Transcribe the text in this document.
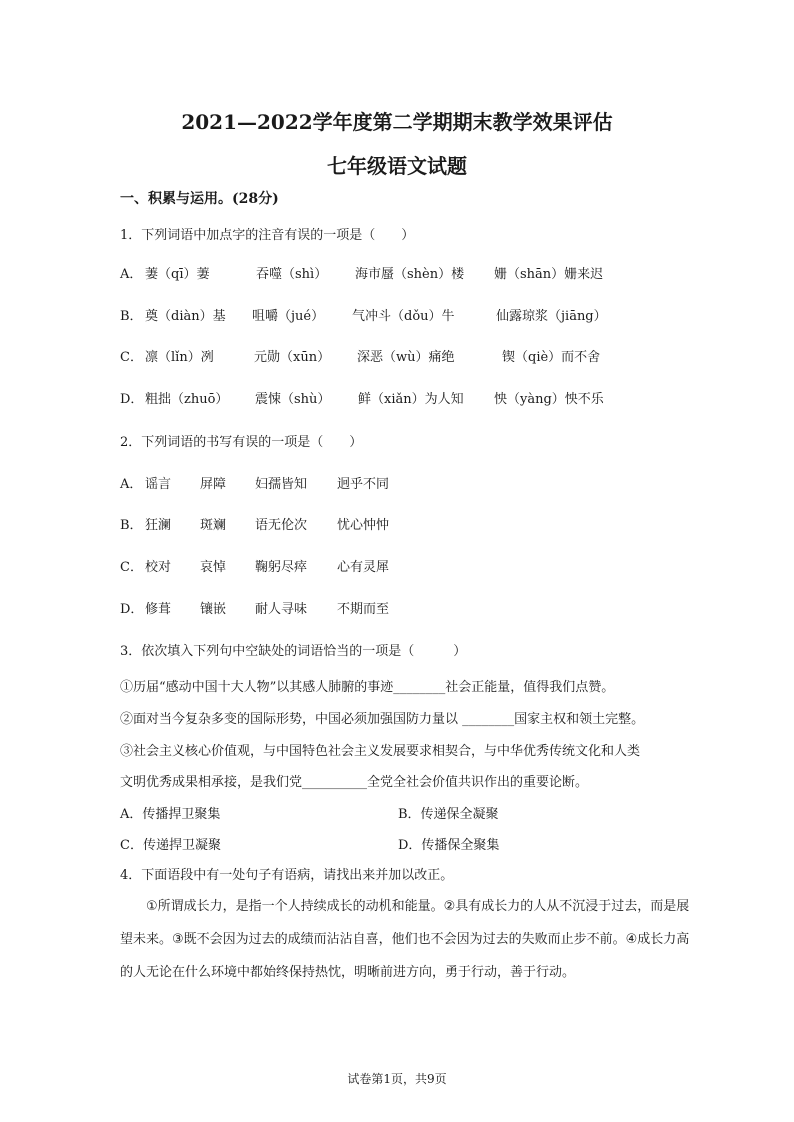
2021—2022学年度第二学期期末教学效果评估
七年级语文试题
一、积累与运用。(28分)
1．下列词语中加点字的注音有误的一项是（　　）
A． 萋（qī）萋	吞噬（shì） 海市蜃（shèn）楼 姗（shān）姗来迟
B． 奠（diàn）基 咀嚼（jué） 气冲斗（dǒu）牛	仙露琼浆（jiāng）
C． 凛（lǐn）冽	元勋（xūn） 深恶（wù）痛绝	锲（qiè）而不舍
D． 粗拙（zhuō） 震悚（shù） 鲜（xiǎn）为人知 怏（yàng）怏不乐
2．下列词语的书写有误的一项是（　　）
A． 谣言 屏障 妇孺皆知 迥乎不同
B． 狂澜 斑斓 语无伦次 忧心忡忡
C． 校对 哀悼 鞠躬尽瘁 心有灵犀
D． 修葺 镶嵌 耐人寻味 不期而至
3．依次填入下列句中空缺处的词语恰当的一项是（　　　）
①历届“感动中国十大人物”以其感人肺腑的事迹________社会正能量，值得我们点赞。
②面对当今复杂多变的国际形势，中国必须加强国防力量以 ________国家主权和领土完整。
③社会主义核心价值观，与中国特色社会主义发展要求相契合，与中华优秀传统文化和人类
文明优秀成果相承接，是我们党__________全党全社会价值共识作出的重要论断。
A．传播捍卫聚集	B．传递保全凝聚
C．传递捍卫凝聚	D．传播保全聚集
4．下面语段中有一处句子有语病，请找出来并加以改正。
①所谓成长力，是指一个人持续成长的动机和能量。②具有成长力的人从不沉浸于过去，而是展望未来。③既不会因为过去的成绩而沾沾自喜，他们也不会因为过去的失败而止步不前。④成长力高的人无论在什么环境中都始终保持热忱，明晰前进方向，勇于行动，善于行动。
试卷第1页，共9页
